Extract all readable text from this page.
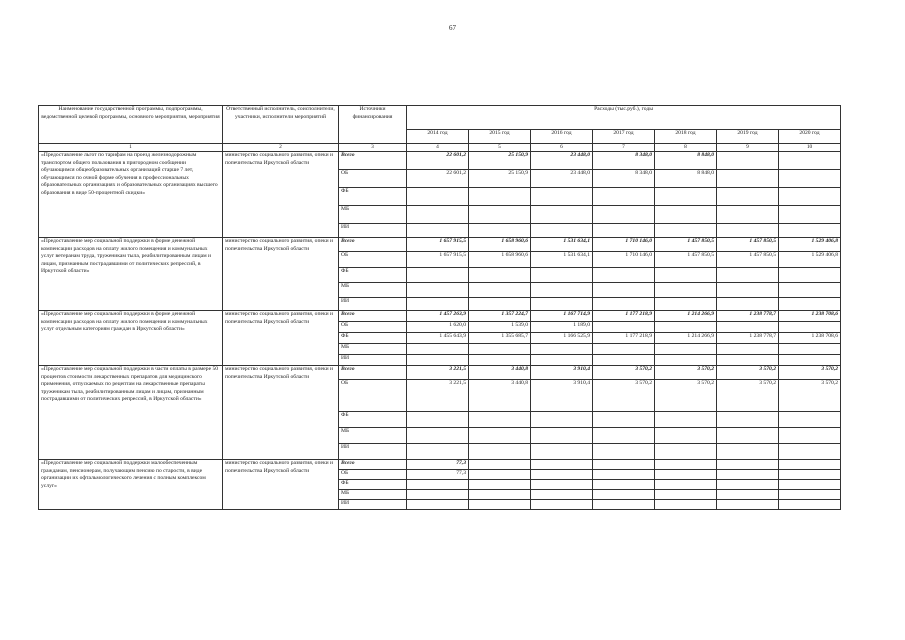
67
Наименование государственной программы, подпрограммы, ведомственной целевой программы, основного мероприятия, мероприятия	Ответственный исполнитель, соисполнители, участники, исполнители мероприятий	Источники финансирования	Расходы (тыс.руб.), годы						
			2014 год	2015 год	2016 год	2017 год	2018 год	2019 год	2020 год
1	2	3	4	5	6	7	8	9	10
«Предоставление льгот по тарифам на проезд железнодорожным транспортом общего пользования в пригородном сообщении обучающимся общеобразовательных организаций старше 7 лет, обучающимся по очной форме обучения в профессиональных образовательных организациях и образовательных организациях высшего образования в виде 50-процентной скидки»	министерство социального развития, опеки и попечительства Иркутской области	Всего	22 601,2	25 150,9	23 448,0	8 348,0	8 848,0		
		ОБ	22 601,2	25 150,9	23 448,0	8 348,0	8 848,0		
		ФБ							
		МБ							
		ИИ							
«Предоставление мер социальной поддержки в форме денежной компенсации расходов на оплату жилого помещения и коммунальных услуг ветеранам труда, труженикам тыла, реабилитированным лицам и лицам, признанным пострадавшими от политических репрессий, в Иркутской области»	министерство социального развития, опеки и попечительства Иркутской области	Всего	1 657 915,5	1 658 960,6	1 531 634,1	1 710 146,0	1 457 850,5	1 457 850,5	1 529 406,8
		ОБ	1 657 915,5	1 658 960,6	1 531 634,1	1 710 146,0	1 457 850,5	1 457 850,5	1 529 406,8
		ФБ							
		МБ							
		ИИ							
«Предоставление мер социальной поддержки в форме денежной компенсации расходов на оплату жилого помещения и коммунальных услуг отдельным категориям граждан в Иркутской области»	министерство социального развития, опеки и попечительства Иркутской области	Всего	1 457 263,9	1 357 224,7	1 167 714,9	1 177 218,9	1 214 266,9	1 238 778,7	1 238 708,6
		ОБ	1 620,0	1 539,0	1 189,0				
		ФБ	1 455 643,9	1 355 685,7	1 166 525,9	1 177 218,9	1 214 266,9	1 238 778,7	1 238 708,6
		МБ							
		ИИ							
«Предоставление мер социальной поддержки в части оплаты в размере 50 процентов стоимости лекарственных препаратов для медицинского применения, отпускаемых по рецептам на лекарственные препараты труженикам тыла, реабилитированным лицам и лицам, признанным пострадавшими от политических репрессий, в Иркутской области»	министерство социального развития, опеки и попечительства Иркутской области	Всего	3 221,5	3 440,8	3 910,4	3 570,2	3 570,2	3 570,2	3 570,2
		ОБ	3 221,5	3 440,8	3 910,4	3 570,2	3 570,2	3 570,2	3 570,2
		ФБ							
		МБ							
		ИИ							
«Предоставление мер социальной поддержки малообеспеченным гражданам, пенсионерам, получающим пенсию по старости, в виде организации их офтальмологического лечения с полным комплексом услуг»	министерство социального развития, опеки и попечительства Иркутской области	Всего	77,3						
		ОБ	77,3						
		ФБ							
		МБ							
		ИИ							
